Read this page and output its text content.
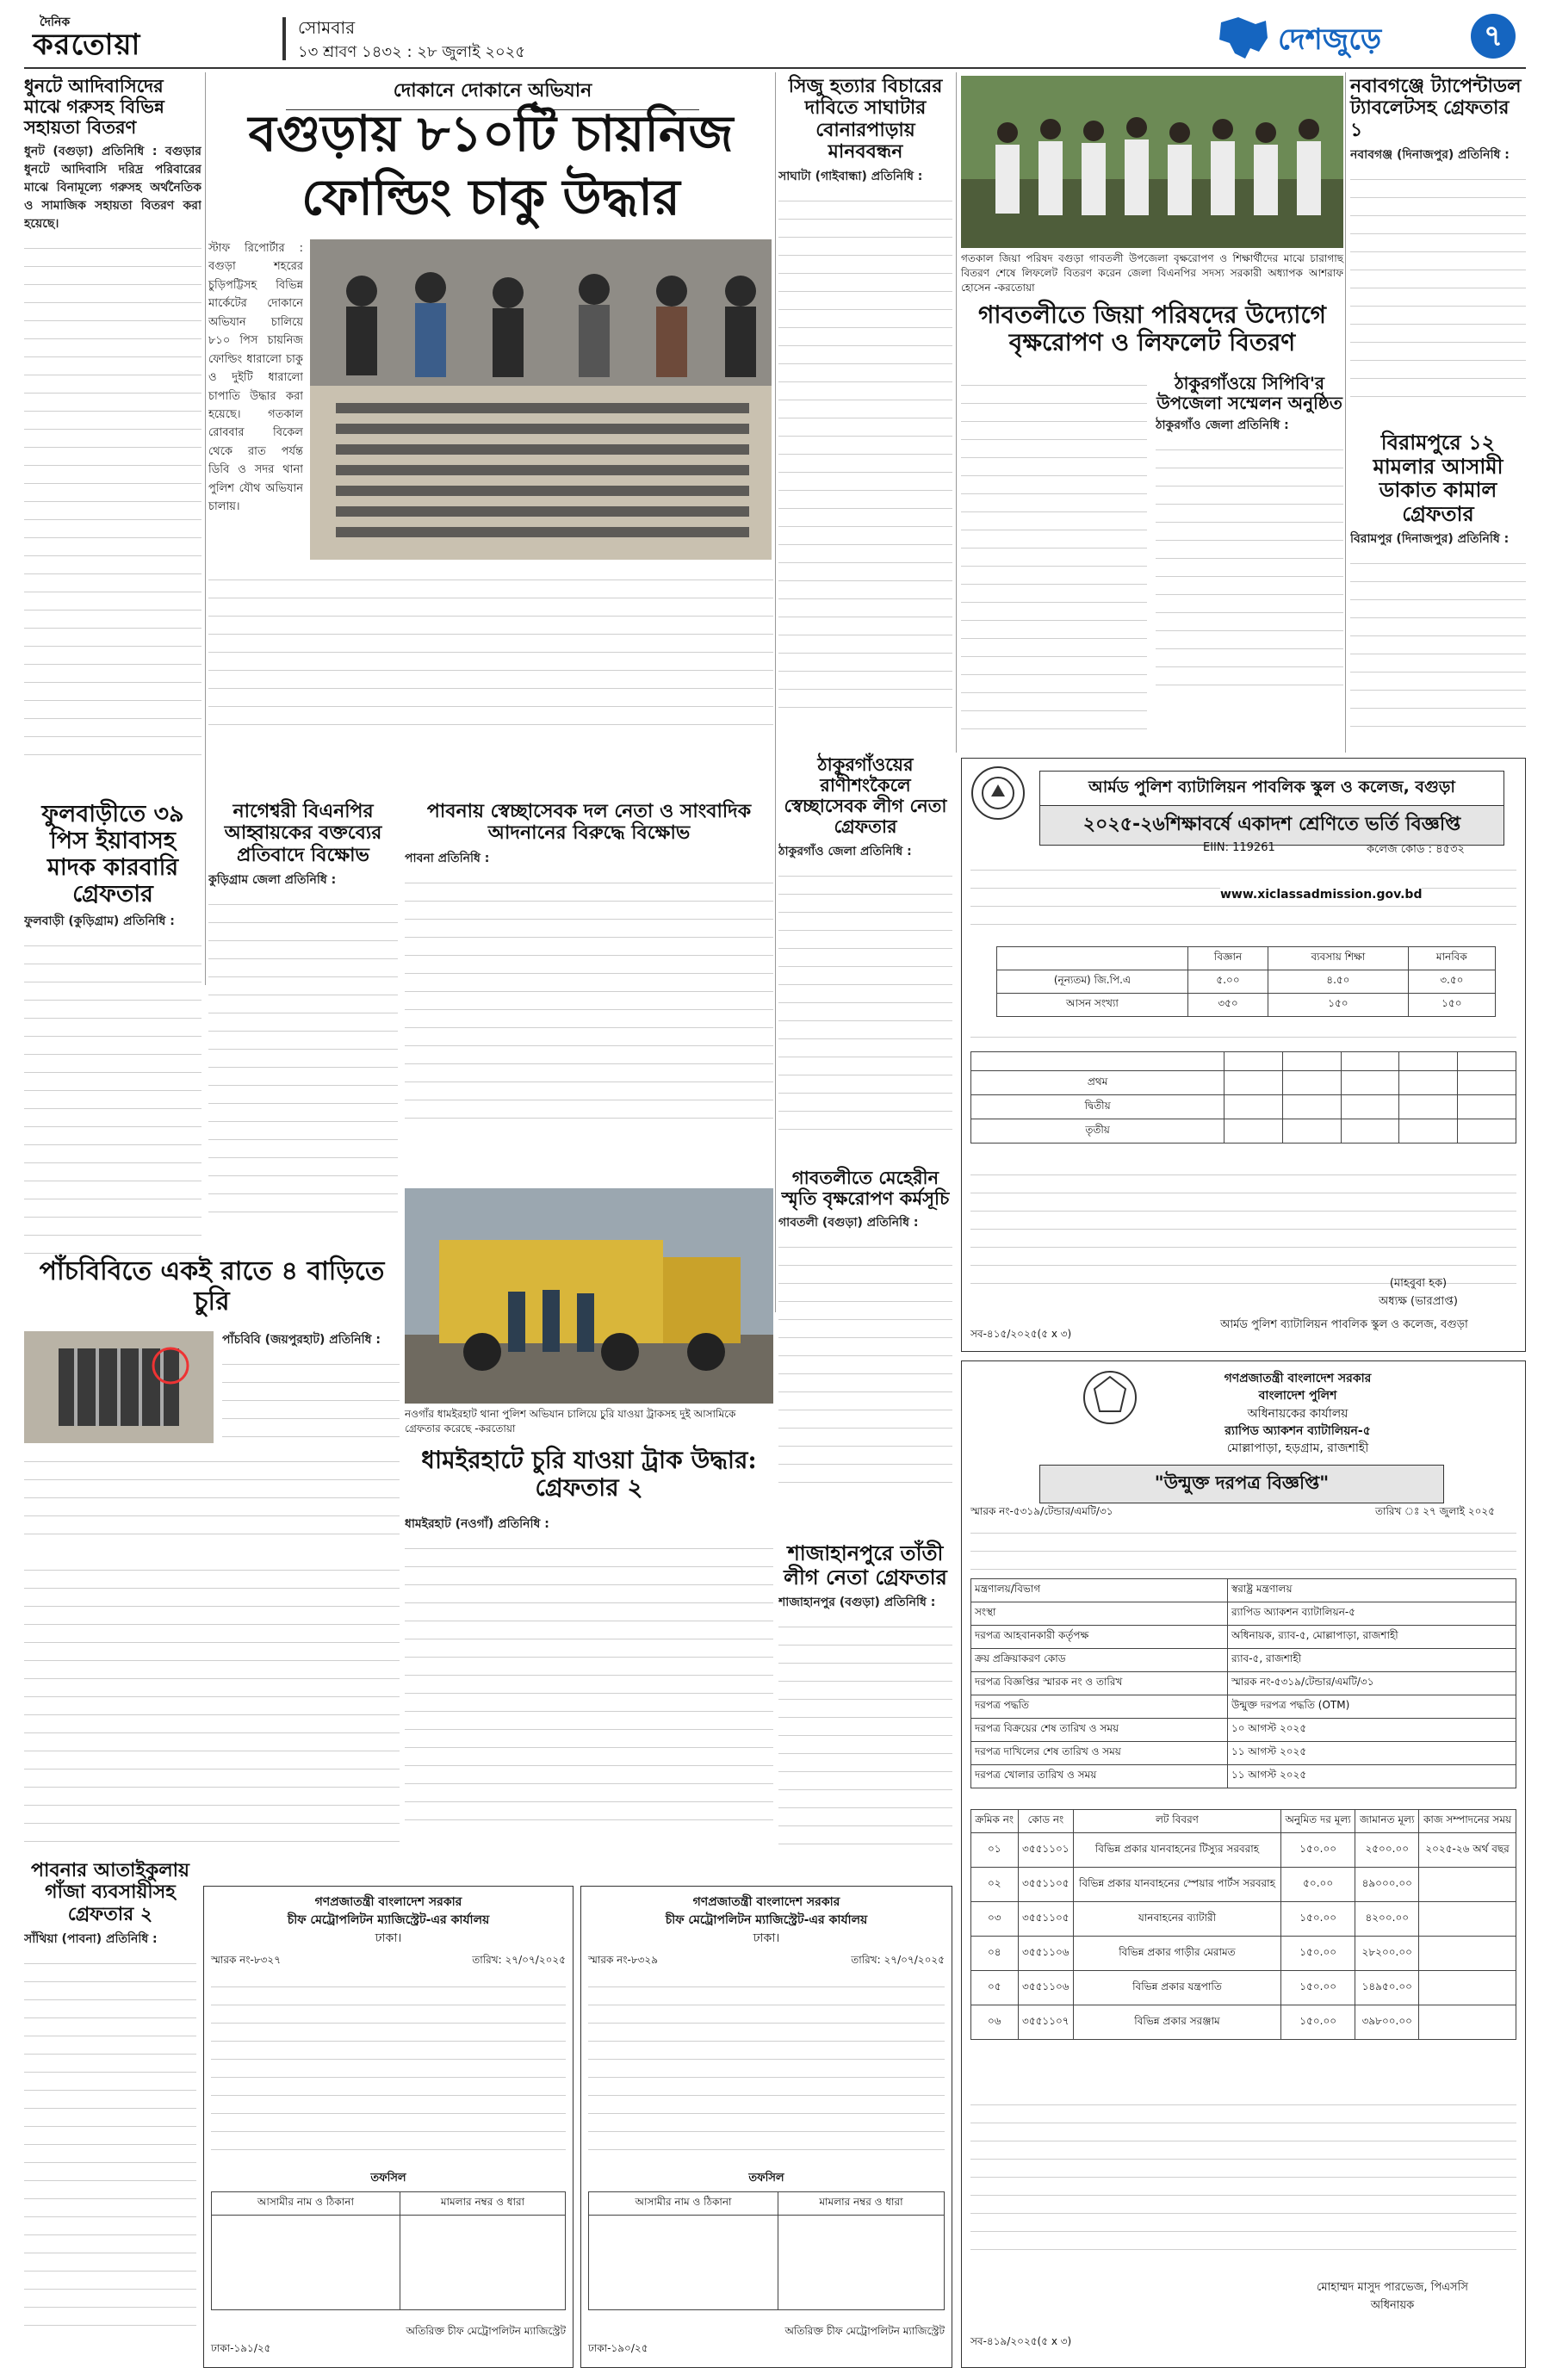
দৈনিক
করতোয়া	সোমবার
১৩ শ্রাবণ ১৪৩২ : ২৮ জুলাই ২০২৫	দেশজুড়ে	৭
ধুনটে আদিবাসিদের মাঝে গরুসহ বিভিন্ন সহায়তা বিতরণ
ধুনট (বগুড়া) প্রতিনিধি : বগুড়ার ধুনটে আদিবাসি দরিদ্র পরিবারের মাঝে বিনামূল্যে গরুসহ অর্থনৈতিক ও সামাজিক সহায়তা বিতরণ করা হয়েছে।
ফুলবাড়ীতে ৩৯ পিস ইয়াবাসহ মাদক কারবারি গ্রেফতার
ফুলবাড়ী (কুড়িগ্রাম) প্রতিনিধি :
দোকানে দোকানে অভিযান
বগুড়ায় ৮১০টি চায়নিজ
ফোল্ডিং চাকু উদ্ধার
স্টাফ রিপোর্টার : বগুড়া শহরের চুড়িপট্টিসহ বিভিন্ন মার্কেটের দোকানে অভিযান চালিয়ে ৮১০ পিস চায়নিজ ফোল্ডিং ধারালো চাকু ও দুইটি ধারালো চাপাতি উদ্ধার করা হয়েছে। গতকাল রোববার বিকেল থেকে রাত পর্যন্ত ডিবি ও সদর থানা পুলিশ যৌথ অভিযান চালায়।
নাগেশ্বরী বিএনপির আহ্বায়কের বক্তব্যের প্রতিবাদে বিক্ষোভ
কুড়িগ্রাম জেলা প্রতিনিধি :
পাবনায় স্বেচ্ছাসেবক দল নেতা ও সাংবাদিক আদনানের বিরুদ্ধে বিক্ষোভ
পাবনা প্রতিনিধি :
নওগাঁর ধামইরহাট থানা পুলিশ অভিযান চালিয়ে চুরি যাওয়া ট্রাকসহ দুই আসামিকে গ্রেফতার করেছে -করতোয়া
ধামইরহাটে চুরি যাওয়া ট্রাক উদ্ধার: গ্রেফতার ২
ধামইরহাট (নওগাঁ) প্রতিনিধি :
পাঁচবিবিতে একই রাতে ৪ বাড়িতে চুরি
পাঁচবিবি (জয়পুরহাট) প্রতিনিধি :
পাবনার আতাইকুলায় গাঁজা ব্যবসায়ীসহ গ্রেফতার ২
সাঁথিয়া (পাবনা) প্রতিনিধি :
সিজু হত্যার বিচারের দাবিতে সাঘাটার বোনারপাড়ায় মানববন্ধন
সাঘাটা (গাইবান্ধা) প্রতিনিধি :
গতকাল জিয়া পরিষদ বগুড়া গাবতলী উপজেলা বৃক্ষরোপণ ও শিক্ষার্থীদের মাঝে চারাগাছ বিতরণ শেষে লিফলেট বিতরণ করেন জেলা বিএনপির সদস্য সরকারী অধ্যাপক আশরাফ হোসেন -করতোয়া
গাবতলীতে জিয়া পরিষদের উদ্যোগে বৃক্ষরোপণ ও লিফলেট বিতরণ
ঠাকুরগাঁওয়ে সিপিবি'র উপজেলা সম্মেলন অনুষ্ঠিত
ঠাকুরগাঁও জেলা প্রতিনিধি :
নবাবগঞ্জে ট্যাপেন্টাডল ট্যাবলেটসহ গ্রেফতার ১
নবাবগঞ্জ (দিনাজপুর) প্রতিনিধি :
বিরামপুরে ১২ মামলার আসামী ডাকাত কামাল গ্রেফতার
বিরামপুর (দিনাজপুর) প্রতিনিধি :
ঠাকুরগাঁওয়ের রাণীশংকৈলে স্বেচ্ছাসেবক লীগ নেতা গ্রেফতার
ঠাকুরগাঁও জেলা প্রতিনিধি :
গাবতলীতে মেহেরীন স্মৃতি বৃক্ষরোপণ কর্মসূচি
গাবতলী (বগুড়া) প্রতিনিধি :
শাজাহানপুরে তাঁতী লীগ নেতা গ্রেফতার
শাজাহানপুর (বগুড়া) প্রতিনিধি :
আর্মড পুলিশ ব্যাটালিয়ন পাবলিক স্কুল ও কলেজ, বগুড়া
২০২৫-২৬শিক্ষাবর্ষে একাদশ শ্রেণিতে ভর্তি বিজ্ঞপ্তি
EIIN: 119261	কলেজ কোড : ৪৫৩২
www.xiclassadmission.gov.bd
	বিজ্ঞান	ব্যবসায় শিক্ষা	মানবিক
(নূন্যতম) জি.পি.এ	৫.০০	৪.৫০	৩.৫০
আসন সংখ্যা	৩৫০	১৫০	১৫০

প্রথম					
দ্বিতীয়					
তৃতীয়					
(মাহবুবা হক)
অধ্যক্ষ (ভারপ্রাপ্ত)
আর্মড পুলিশ ব্যাটালিয়ন পাবলিক স্কুল ও কলেজ, বগুড়া
সব-৪১৫/২০২৫(৫ x ৩)
গণপ্রজাতন্ত্রী বাংলাদেশ সরকার
বাংলাদেশ পুলিশ
অধিনায়কের কার্যালয়
র‍্যাপিড অ্যাকশন ব্যাটালিয়ন-৫
মোল্লাপাড়া, হড়গ্রাম, রাজশাহী
"উন্মুক্ত দরপত্র বিজ্ঞপ্তি"
স্মারক নং-৫৩১৯/টেন্ডার/এমটি/৩১	তারিখ ঃ ২৭ জুলাই ২০২৫
মন্ত্রণালয়/বিভাগ	স্বরাষ্ট্র মন্ত্রণালয়
সংস্থা	র‍্যাপিড অ্যাকশন ব্যাটালিয়ন-৫
দরপত্র আহবানকারী কর্তৃপক্ষ	অধিনায়ক, র‍্যাব-৫, মোল্লাপাড়া, রাজশাহী
ক্রয় প্রক্রিয়াকরণ কোড	র‍্যাব-৫, রাজশাহী
দরপত্র বিজ্ঞপ্তির স্মারক নং ও তারিখ	স্মারক নং-৫৩১৯/টেন্ডার/এমটি/৩১
দরপত্র পদ্ধতি	উন্মুক্ত দরপত্র পদ্ধতি (OTM)
দরপত্র বিক্রয়ের শেষ তারিখ ও সময়	১০ আগস্ট ২০২৫
দরপত্র দাখিলের শেষ তারিখ ও সময়	১১ আগস্ট ২০২৫
দরপত্র খোলার তারিখ ও সময়	১১ আগস্ট ২০২৫
ক্রমিক নং	কোড নং	লট বিবরণ	অনুমিত দর মূল্য	জামানত মূল্য	কাজ সম্পাদনের সময়
০১	৩৫৫১১০১	বিভিন্ন প্রকার যানবাহনের টিস্যুর সরবরাহ	১৫০.০০	২৫০০.০০	২০২৫-২৬ অর্থ বছর
০২	৩৫৫১১০৫	বিভিন্ন প্রকার যানবাহনের স্পেয়ার পার্টস সরবরাহ	৫০.০০	৪৯০০০.০০	
০৩	৩৫৫১১০৫	যানবাহনের ব্যাটারী	১৫০.০০	৪২০০.০০	
০৪	৩৫৫১১০৬	বিভিন্ন প্রকার গাড়ীর মেরামত	১৫০.০০	২৮২০০.০০	
০৫	৩৫৫১১০৬	বিভিন্ন প্রকার যন্ত্রপাতি	১৫০.০০	১৪৯৫০.০০	
০৬	৩৫৫১১০৭	বিভিন্ন প্রকার সরঞ্জাম	১৫০.০০	৩৯৮০০.০০	
মোহাম্মদ মাসুদ পারভেজ, পিএসসি
অধিনায়ক
সব-৪১৯/২০২৫(৫ x ৩)
গণপ্রজাতন্ত্রী বাংলাদেশ সরকার
চীফ মেট্রোপলিটন ম্যাজিস্ট্রেট-এর কার্যালয়
ঢাকা।
স্মারক নং-৮৩২৭	তারিখ: ২৭/০৭/২০২৫
তফসিল
আসামীর নাম ও ঠিকানা	মামলার নম্বর ও ধারা

অতিরিক্ত চীফ মেট্রোপলিটন ম্যাজিস্ট্রেট
ঢাকা-১৯১/২৫
গণপ্রজাতন্ত্রী বাংলাদেশ সরকার
চীফ মেট্রোপলিটন ম্যাজিস্ট্রেট-এর কার্যালয়
ঢাকা।
স্মারক নং-৮৩২৯	তারিখ: ২৭/০৭/২০২৫
তফসিল
আসামীর নাম ও ঠিকানা	মামলার নম্বর ও ধারা

অতিরিক্ত চীফ মেট্রোপলিটন ম্যাজিস্ট্রেট
ঢাকা-১৯০/২৫
